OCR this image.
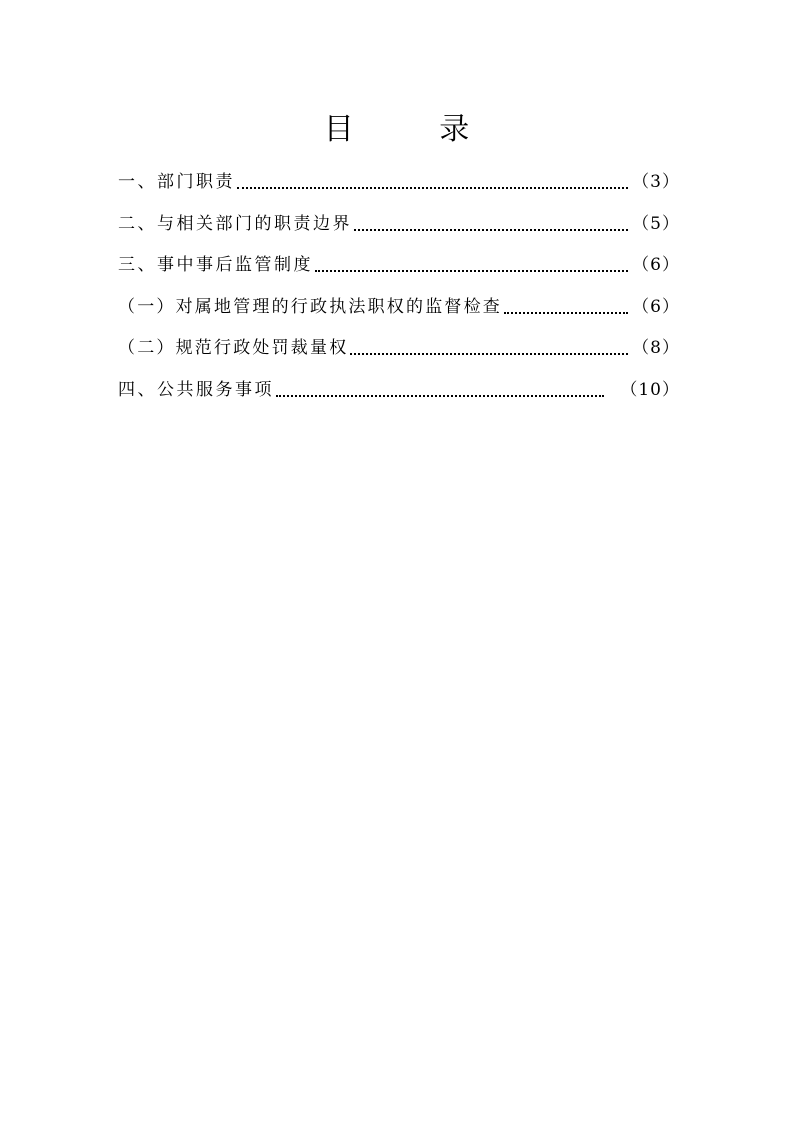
目 录
一、部门职责	（3）
二、与相关部门的职责边界	（5）
三、事中事后监管制度	（6）
（一）对属地管理的行政执法职权的监督检查	（6）
（二）规范行政处罚裁量权	（8）
四、公共服务事项	（10）
